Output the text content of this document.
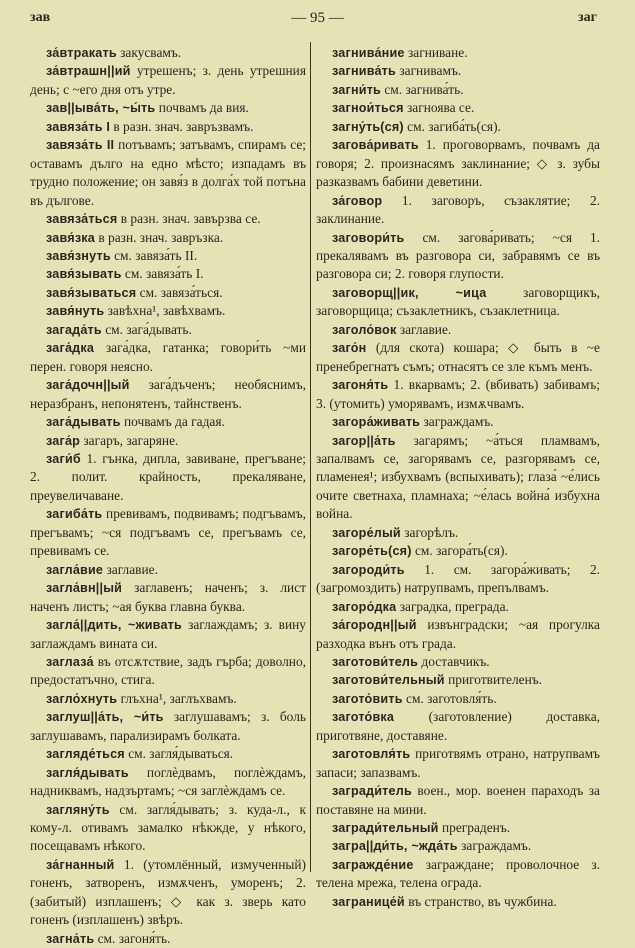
зав	— 95 —	заг

за́втракать закусвамъ.

за́втрашн||ий утрешенъ; з. день утрешния день; с ~его дня отъ утре.

зав||ыва́ть, ~ы́ть почвамъ да вия.

завяза́ть I в разн. знач. завръзвамъ.

завяза́ть II потъвамъ; затъвамъ, спирамъ се; оставамъ дълго на едно мѣсто; изпадамъ въ трудно положение; он завя́з в долга́х той потъна въ дългове.

завяза́ться в разн. знач. завързва се.

завя́зка в разн. знач. завръзка.

завя́знуть см. завяза́ть II.

завя́зывать см. завяза́ть I.

завя́зываться см. завяза́ться.

завя́нуть завѣхна¹, завѣхвамъ.

загада́ть см. зага́дывать.

зага́дка зага́дка, гатанка; говори́ть ~ми перен. говоря неясно.

зага́дочн||ый зага́дъченъ; необяснимъ, неразбранъ, непонятенъ, тайнственъ.

зага́дывать почвамъ да гадая.

зага́р загаръ, загаряне.

заги́б 1. гънка, дипла, завиване, прегъване; 2. полит. крайность, прекаляване, преувеличаване.

загиба́ть превивамъ, подвивамъ; подгъвамъ, прегъвамъ; ~ся подгъвамъ се, прегъвамъ се, превивамъ се.

загла́вие заглавие.

загла́вн||ый заглавенъ; наченъ; з. лист наченъ листъ; ~ая буква главна буква.

загла́||дить, ~живать заглаждамъ; з. вину заглаждамъ вината си.

заглаза́ въ отсѫтствие, задъ гърба; доволно, предостатъчно, стига.

загло́хнуть глъхна¹, заглъхвамъ.

заглуш||а́ть, ~и́ть заглушавамъ; з. боль заглушавамъ, парализирамъ болката.

загляде́ться см. загля́дываться.

загля́дывать поглѐдвамъ, поглѐждамъ, надниквамъ, надзъртамъ; ~ся заглѐждамъ се.

загляну́ть см. загля́дывать; з. куда-л., к кому-л. отивамъ замалко нѣкжде, у нѣкого, посещавамъ нѣкого.

за́гнанный 1. (утомлённый, измученный) гоненъ, затворенъ, измѫченъ, уморенъ; 2. (забитый) изплашенъ; ◇ как з. зверь като гоненъ (изплашенъ) звѣръ.

загна́ть см. загоня́ть.

загнива́ние загниване.

загнива́ть загнивамъ.

загни́ть см. загнива́ть.

загнои́ться загноява се.

загну́ть(ся) см. загиба́ть(ся).

загова́ривать 1. проговорвамъ, почвамъ да говоря; 2. произнасямъ заклинание; ◇ з. зубы разказвамъ бабини деветини.

за́говор 1. заговоръ, съзаклятие; 2. заклинание.

заговори́ть см. загова́ривать; ~ся 1. прекалявамъ въ разговора си, забравямъ се въ разговора си; 2. говоря глупости.

заговорщ||ик, ~ица заговорщикъ, заговорщица; съзаклетникъ, съзаклетница.

заголо́вок заглавие.

заго́н (для скота) кошара; ◇ быть в ~е пренебрегнатъ съмъ; отнасятъ се зле къмъ менъ.

загоня́ть 1. вкарвамъ; 2. (вбивать) забивамъ; 3. (утомить) уморявамъ, измѫчвамъ.

загора́живать заграждамъ.

загор||а́ть загарямъ; ~а́ться пламвамъ, запалвамъ се, загорявамъ се, разгорявамъ се, пламенея¹; избухвамъ (вспыхивать); глаза́ ~е́лись очите светнаха, пламнаха; ~е́лась война́ избухна война.

загоре́лый загорѣлъ.

загоре́ть(ся) см. загора́ть(ся).

загороди́ть 1. см. загора́живать; 2. (загромоздить) натрупвамъ, препълвамъ.

загоро́дка заградка, преграда.

за́городн||ый извънградски; ~ая прогулка разходка вънъ отъ града.

заготови́тель доставчикъ.

заготови́тельный приготвителенъ.

загото́вить см. заготовля́ть.

загото́вка (заготовление) доставка, приготвяне, доставяне.

заготовля́ть приготвямъ отрано, натрупвамъ запаси; запазвамъ.

загради́тель воен., мор. военен параходъ за поставяне на мини.

загради́тельный преграденъ.

загра||ди́ть, ~жда́ть заграждамъ.

загражде́ние заграждане; проволочное з. телена мрежа, телена ограда.

загранице́й въ странство, въ чужбина.
